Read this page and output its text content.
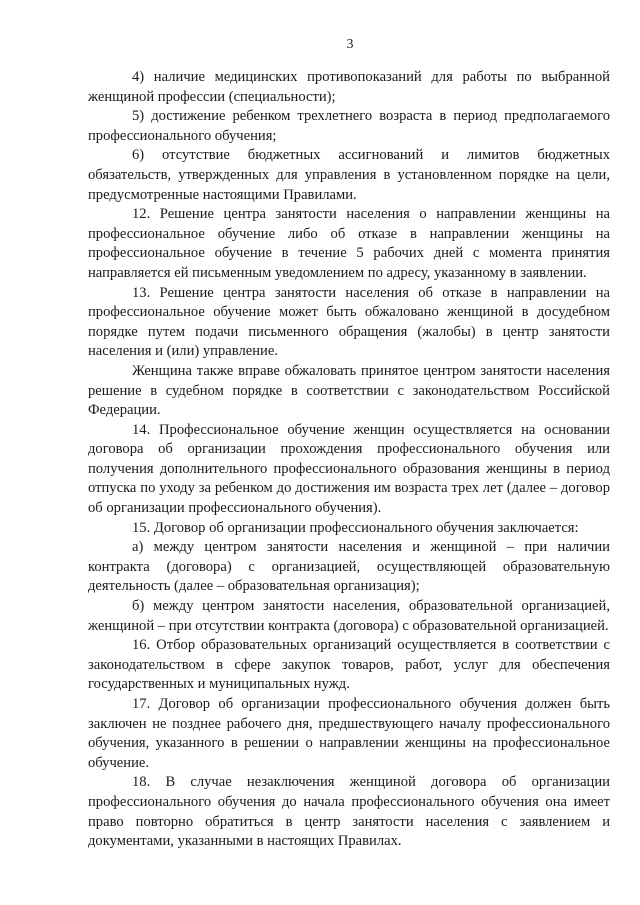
3

4) наличие медицинских противопоказаний для работы по выбранной женщиной профессии (специальности);

5) достижение ребенком трехлетнего возраста в период предполагаемого профессионального обучения;

6) отсутствие бюджетных ассигнований и лимитов бюджетных обязательств, утвержденных для управления в установленном порядке на цели, предусмотренные настоящими Правилами.

12. Решение центра занятости населения о направлении женщины на профессиональное обучение либо об отказе в направлении женщины на профессиональное обучение в течение 5 рабочих дней с момента принятия направляется ей письменным уведомлением по адресу, указанному в заявлении.

13. Решение центра занятости населения об отказе в направлении на профессиональное обучение может быть обжаловано женщиной в досудебном порядке путем подачи письменного обращения (жалобы) в центр занятости населения и (или) управление.

Женщина также вправе обжаловать принятое центром занятости населения решение в судебном порядке в соответствии с законодательством Российской Федерации.

14. Профессиональное обучение женщин осуществляется на основании договора об организации прохождения профессионального обучения или получения дополнительного профессионального образования женщины в период отпуска по уходу за ребенком до достижения им возраста трех лет (далее – договор об организации профессионального обучения).

15. Договор об организации профессионального обучения заключается:

а) между центром занятости населения и женщиной – при наличии контракта (договора) с организацией, осуществляющей образовательную деятельность (далее – образовательная организация);

б) между центром занятости населения, образовательной организацией, женщиной – при отсутствии контракта (договора) с образовательной организацией.

16. Отбор образовательных организаций осуществляется в соответствии с законодательством в сфере закупок товаров, работ, услуг для обеспечения государственных и муниципальных нужд.

17. Договор об организации профессионального обучения должен быть заключен не позднее рабочего дня, предшествующего началу профессионального обучения, указанного в решении о направлении женщины на профессиональное обучение.

18. В случае незаключения женщиной договора об организации профессионального обучения до начала профессионального обучения она имеет право повторно обратиться в центр занятости населения с заявлением и документами, указанными в настоящих Правилах.
